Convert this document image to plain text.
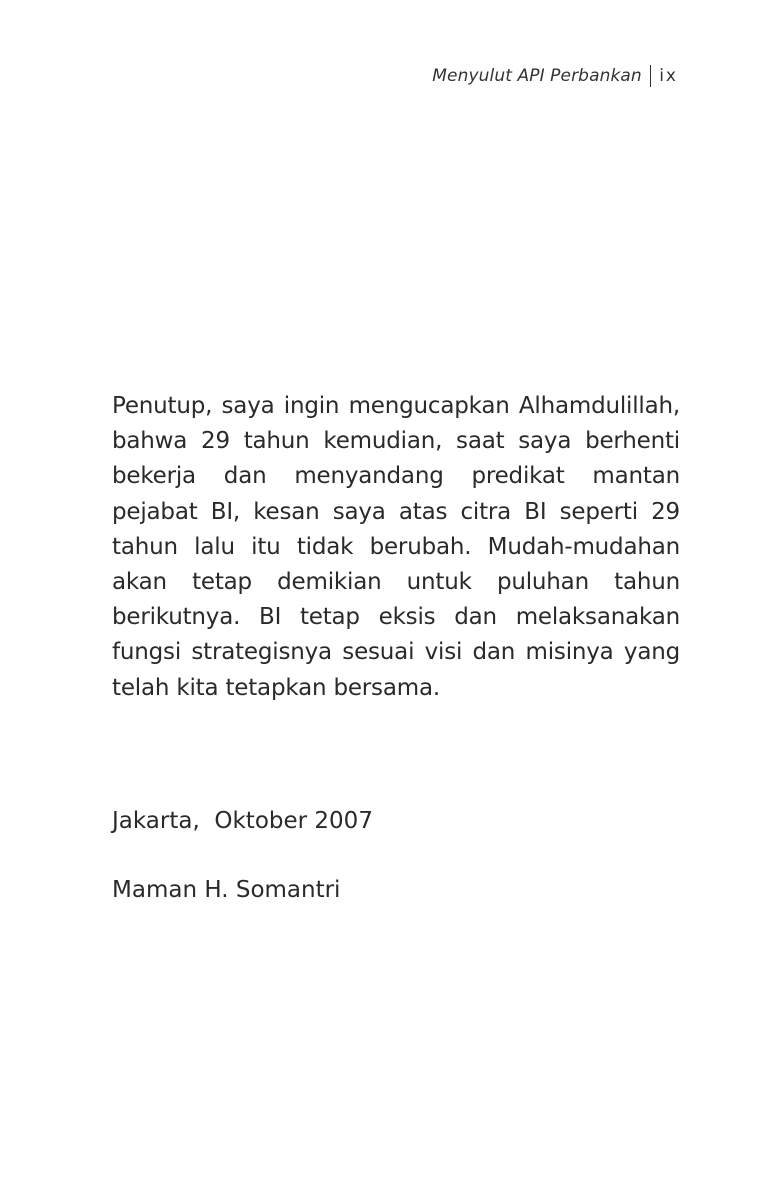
Menyulut API Perbankan ix

Penutup, saya ingin mengucapkan Alhamdulillah, bahwa 29 tahun kemudian, saat saya berhenti bekerja dan menyandang predikat mantan pejabat BI, kesan saya atas citra BI seperti 29 tahun lalu itu tidak berubah. Mudah-mudahan akan tetap demikian untuk puluhan tahun berikutnya. BI tetap eksis dan melaksanakan fungsi strategisnya sesuai visi dan misinya yang telah kita tetapkan bersama.

Jakarta,  Oktober 2007

Maman H. Somantri
